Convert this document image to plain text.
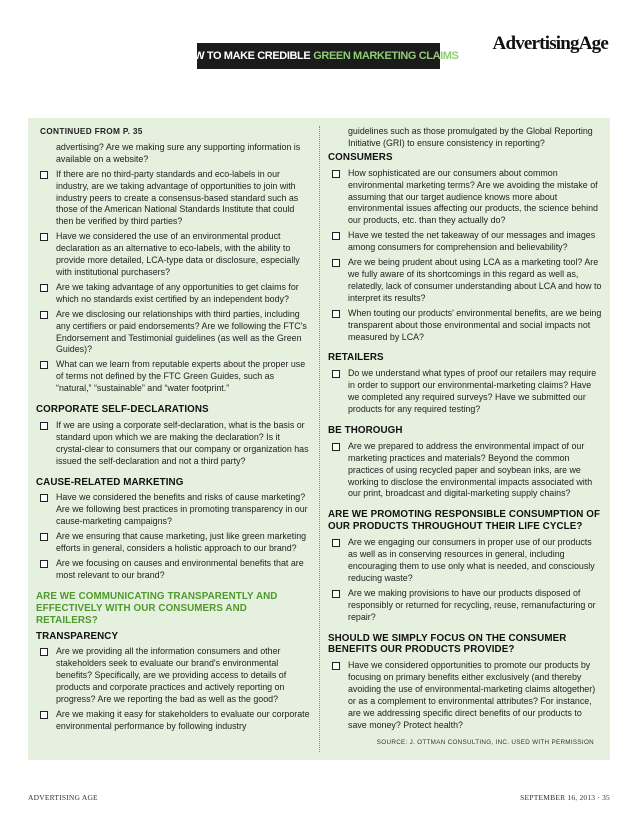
AdvertisingAge
HOW TO MAKE CREDIBLE GREEN MARKETING CLAIMS
CONTINUED FROM P. 35
advertising? Are we making sure any supporting information is available on a website?
If there are no third-party standards and eco-labels in our industry, are we taking advantage of opportunities to join with industry peers to create a consensus-based standard such as those of the American National Standards Institute that could then be verified by third parties?
Have we considered the use of an environmental product declaration as an alternative to eco-labels, with the ability to provide more detailed, LCA-type data or disclosure, especially with institutional purchasers?
Are we taking advantage of any opportunities to get claims for which no standards exist certified by an independent body?
Are we disclosing our relationships with third parties, including any certifiers or paid endorsements? Are we following the FTC's Endorsement and Testimonial guidelines (as well as the Green Guides)?
What can we learn from reputable experts about the proper use of terms not defined by the FTC Green Guides, such as “natural,” “sustainable” and “water footprint.”
CORPORATE SELF-DECLARATIONS
If we are using a corporate self-declaration, what is the basis or standard upon which we are making the declaration? Is it crystal-clear to consumers that our company or organization has issued the self-declaration and not a third party?
CAUSE-RELATED MARKETING
Have we considered the benefits and risks of cause marketing? Are we following best practices in promoting transparency in our cause-marketing campaigns?
Are we ensuring that cause marketing, just like green marketing efforts in general, considers a holistic approach to our brand?
Are we focusing on causes and environmental benefits that are most relevant to our brand?
ARE WE COMMUNICATING TRANSPARENTLY AND EFFECTIVELY WITH OUR CONSUMERS AND RETAILERS?
TRANSPARENCY
Are we providing all the information consumers and other stakeholders seek to evaluate our brand's environmental benefits? Specifically, are we providing access to details of products and corporate practices and actively reporting on progress? Are we reporting the bad as well as the good?
Are we making it easy for stakeholders to evaluate our corporate environmental performance by following industry
guidelines such as those promulgated by the Global Reporting Initiative (GRI) to ensure consistency in reporting?
CONSUMERS
How sophisticated are our consumers about common environmental marketing terms? Are we avoiding the mistake of assuming that our target audience knows more about environmental issues affecting our products, the science behind our products, etc. than they actually do?
Have we tested the net takeaway of our messages and images among consumers for comprehension and believability?
Are we being prudent about using LCA as a marketing tool? Are we fully aware of its shortcomings in this regard as well as, relatedly, lack of consumer understanding about LCA and how to interpret its results?
When touting our products' environmental benefits, are we being transparent about those environmental and social impacts not measured by LCA?
RETAILERS
Do we understand what types of proof our retailers may require in order to support our environmental-marketing claims? Have we completed any required surveys? Have we submitted our products for any required testing?
BE THOROUGH
Are we prepared to address the environmental impact of our marketing practices and materials? Beyond the common practices of using recycled paper and soybean inks, are we working to disclose the environmental impacts associated with our print, broadcast and digital-marketing supply chains?
ARE WE PROMOTING RESPONSIBLE CONSUMPTION OF OUR PRODUCTS THROUGHOUT THEIR LIFE CYCLE?
Are we engaging our consumers in proper use of our products as well as in conserving resources in general, including encouraging them to use only what is needed, and consciously reducing waste?
Are we making provisions to have our products disposed of responsibly or returned for recycling, reuse, remanufacturing or repair?
SHOULD WE SIMPLY FOCUS ON THE CONSUMER BENEFITS OUR PRODUCTS PROVIDE?
Have we considered opportunities to promote our products by focusing on primary benefits either exclusively (and thereby avoiding the use of environmental-marketing claims altogether) or as a complement to environmental attributes? For instance, are we addressing specific direct benefits of our products to save money? Protect health?
SOURCE: J. OTTMAN CONSULTING, INC. USED WITH PERMISSION
ADVERTISING AGE	SEPTEMBER 16, 2013 · 35
